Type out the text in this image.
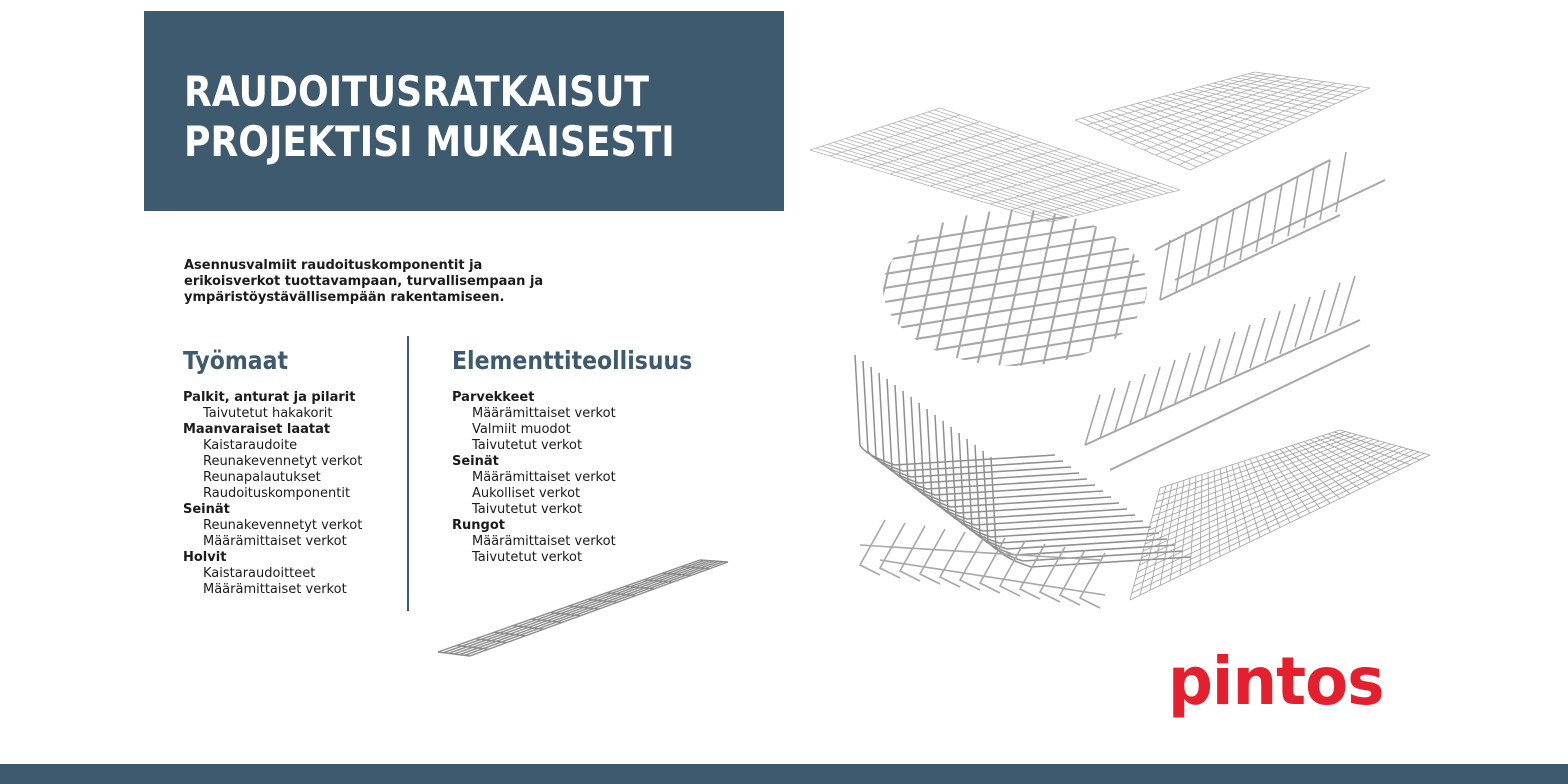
RAUDOITUSRATKAISUT
PROJEKTISI MUKAISESTI

Asennusvalmiit raudoituskomponentit ja
erikoisverkot tuottavampaan, turvallisempaan ja
ympäristöystävällisempään rakentamiseen.

Työmaat
Palkit, anturat ja pilarit
Taivutetut hakakorit
Maanvaraiset laatat
Kaistaraudoite
Reunakevennetyt verkot
Reunapalautukset
Raudoituskomponentit
Seinät
Reunakevennetyt verkot
Määrämittaiset verkot
Holvit
Kaistaraudoitteet
Määrämittaiset verkot
Elementtiteollisuus
Parvekkeet
Määrämittaiset verkot
Valmiit muodot
Taivutetut verkot
Seinät
Määrämittaiset verkot
Aukolliset verkot
Taivutetut verkot
Rungot
Määrämittaiset verkot
Taivutetut verkot
pintos
